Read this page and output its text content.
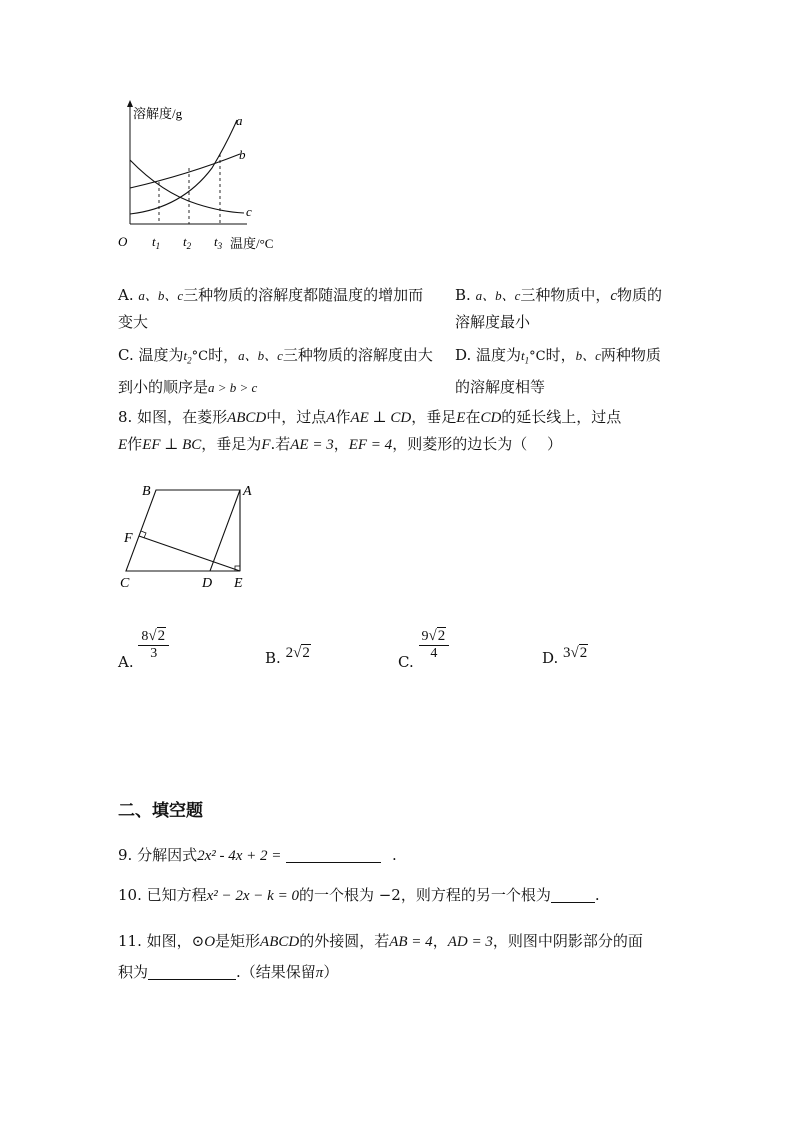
溶解度/g	a
b
c
O $t_1$ $t_2$ $t_3$ 温度/°C
A. a、b、c三种物质的溶解度都随温度的增加而
变大
B. a、b、c三种物质中，c物质的
溶解度最小
C. 温度为$t_2^\circ C$时，a、b、c三种物质的溶解度由大
到小的顺序是a > b > c
D. 温度为$t_1^\circ C$时，b、c两种物质
的溶解度相等
8. 如图，在菱形ABCD中，过点A作AE ⊥ CD，垂足E在CD的延长线上，过点
E作EF ⊥ BC，垂足为F.若AE = 3，EF = 4，则菱形的边长为（　 ）
B	A
F
C	D E
A. $\frac{8√2}{3}$	B. 2√2	C. $\frac{9√2}{4}$	D. 3√2
二、填空题
9. 分解因式2x² - 4x + 2 =	.
10. 已知方程x² − 2x − k = 0的一个根为 −2，则方程的另一个根为	.
11. 如图，⊙O是矩形ABCD的外接圆，若AB = 4，AD = 3，则图中阴影部分的面
积为	.（结果保留π）
